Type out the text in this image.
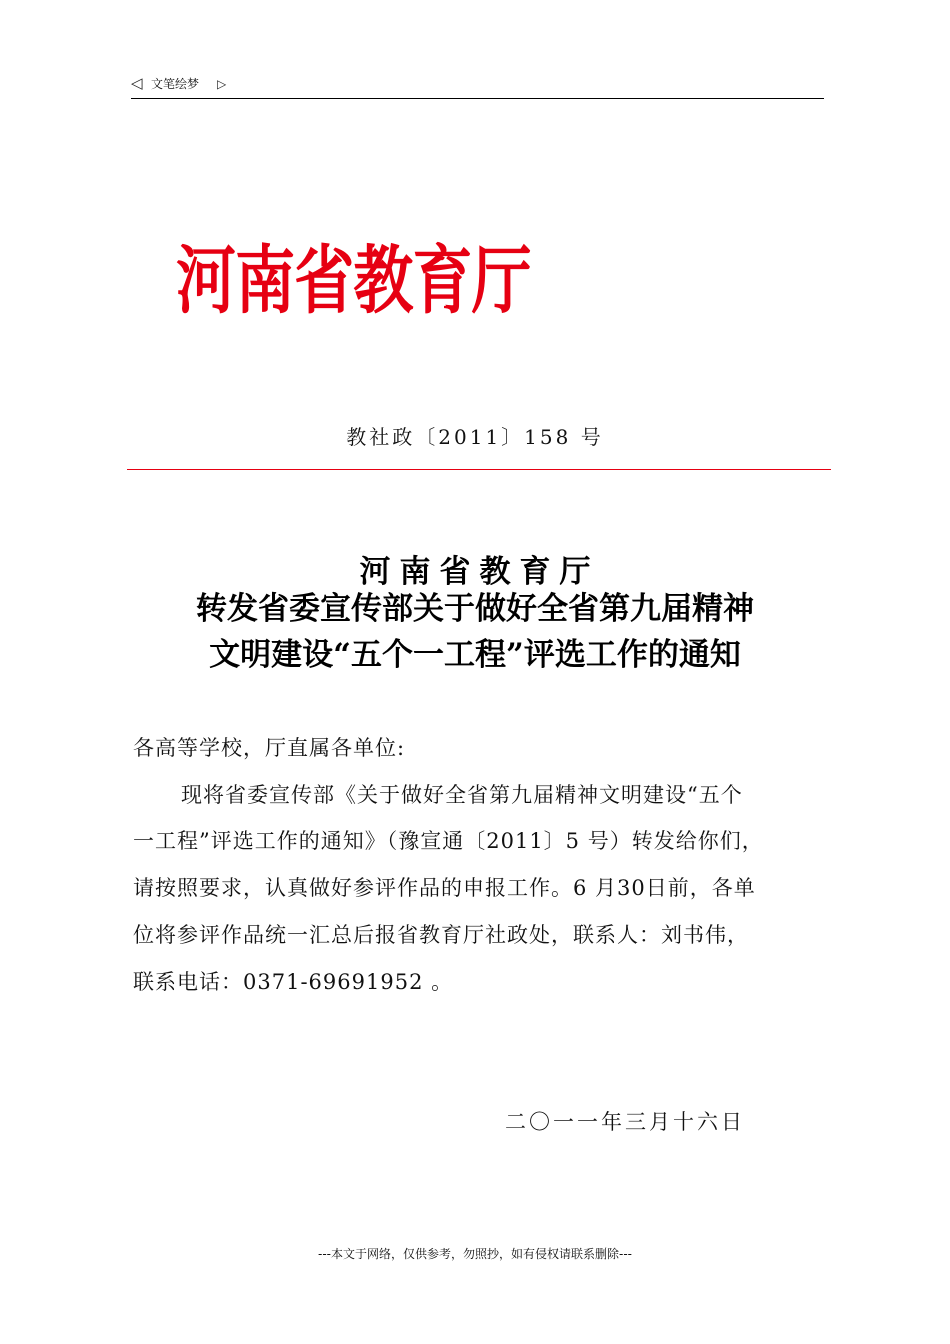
◁ 文笔绘梦 ▷
河南省教育厅
教社政〔2011〕158 号
河南省教育厅
转发省委宣传部关于做好全省第九届精神
文明建设“五个一工程”评选工作的通知
各高等学校，厅直属各单位:
现将省委宣传部《关于做好全省第九届精神文明建设“五个
一工程”评选工作的通知》（豫宣通〔2011〕5 号）转发给你们，
请按照要求，认真做好参评作品的申报工作。6 月30日前，各单
位将参评作品统一汇总后报省教育厅社政处，联系人：刘书伟，
联系电话：0371-69691952 。
二〇一一年三月十六日
---本文于网络，仅供参考，勿照抄，如有侵权请联系删除---
